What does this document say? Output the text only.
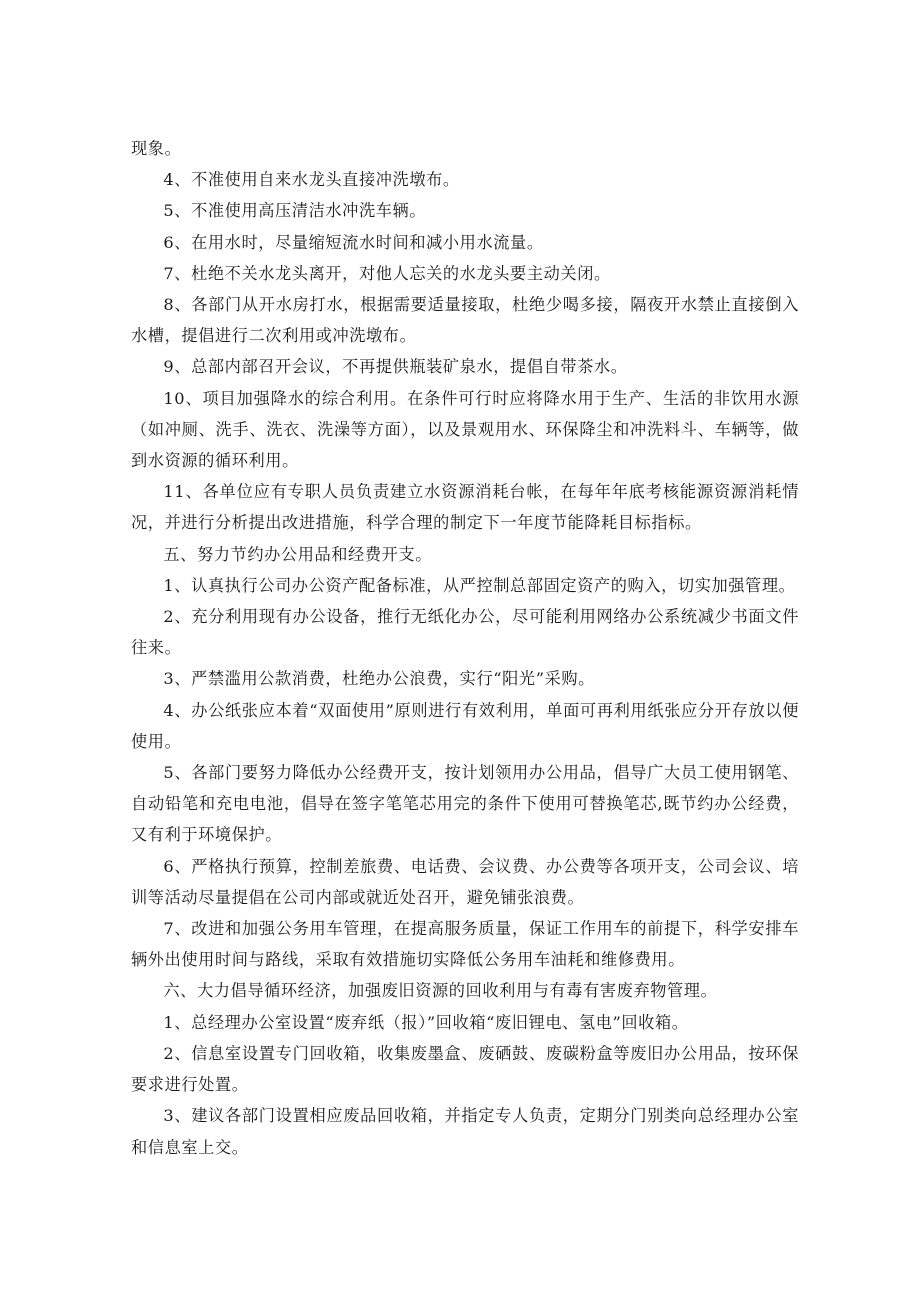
现象。

4、不准使用自来水龙头直接冲洗墩布。

5、不准使用高压清洁水冲洗车辆。

6、在用水时，尽量缩短流水时间和减小用水流量。

7、杜绝不关水龙头离开，对他人忘关的水龙头要主动关闭。

8、各部门从开水房打水，根据需要适量接取，杜绝少喝多接，隔夜开水禁止直接倒入水槽，提倡进行二次利用或冲洗墩布。

9、总部内部召开会议，不再提供瓶装矿泉水，提倡自带茶水。

10、项目加强降水的综合利用。在条件可行时应将降水用于生产、生活的非饮用水源（如冲厕、洗手、洗衣、洗澡等方面），以及景观用水、环保降尘和冲洗料斗、车辆等，做到水资源的循环利用。

11、各单位应有专职人员负责建立水资源消耗台帐，在每年年底考核能源资源消耗情况，并进行分析提出改进措施，科学合理的制定下一年度节能降耗目标指标。

五、努力节约办公用品和经费开支。

1、认真执行公司办公资产配备标准，从严控制总部固定资产的购入，切实加强管理。

2、充分利用现有办公设备，推行无纸化办公，尽可能利用网络办公系统减少书面文件往来。

3、严禁滥用公款消费，杜绝办公浪费，实行“阳光”采购。

4、办公纸张应本着“双面使用”原则进行有效利用，单面可再利用纸张应分开存放以便使用。

5、各部门要努力降低办公经费开支，按计划领用办公用品，倡导广大员工使用钢笔、自动铅笔和充电电池，倡导在签字笔笔芯用完的条件下使用可替换笔芯,既节约办公经费，又有利于环境保护。

6、严格执行预算，控制差旅费、电话费、会议费、办公费等各项开支，公司会议、培训等活动尽量提倡在公司内部或就近处召开，避免铺张浪费。

7、改进和加强公务用车管理，在提高服务质量，保证工作用车的前提下，科学安排车辆外出使用时间与路线，采取有效措施切实降低公务用车油耗和维修费用。

六、大力倡导循环经济，加强废旧资源的回收利用与有毒有害废弃物管理。

1、总经理办公室设置“废弃纸（报）”回收箱“废旧锂电、氢电”回收箱。

2、信息室设置专门回收箱，收集废墨盒、废硒鼓、废碳粉盒等废旧办公用品，按环保要求进行处置。

3、建议各部门设置相应废品回收箱，并指定专人负责，定期分门别类向总经理办公室和信息室上交。
